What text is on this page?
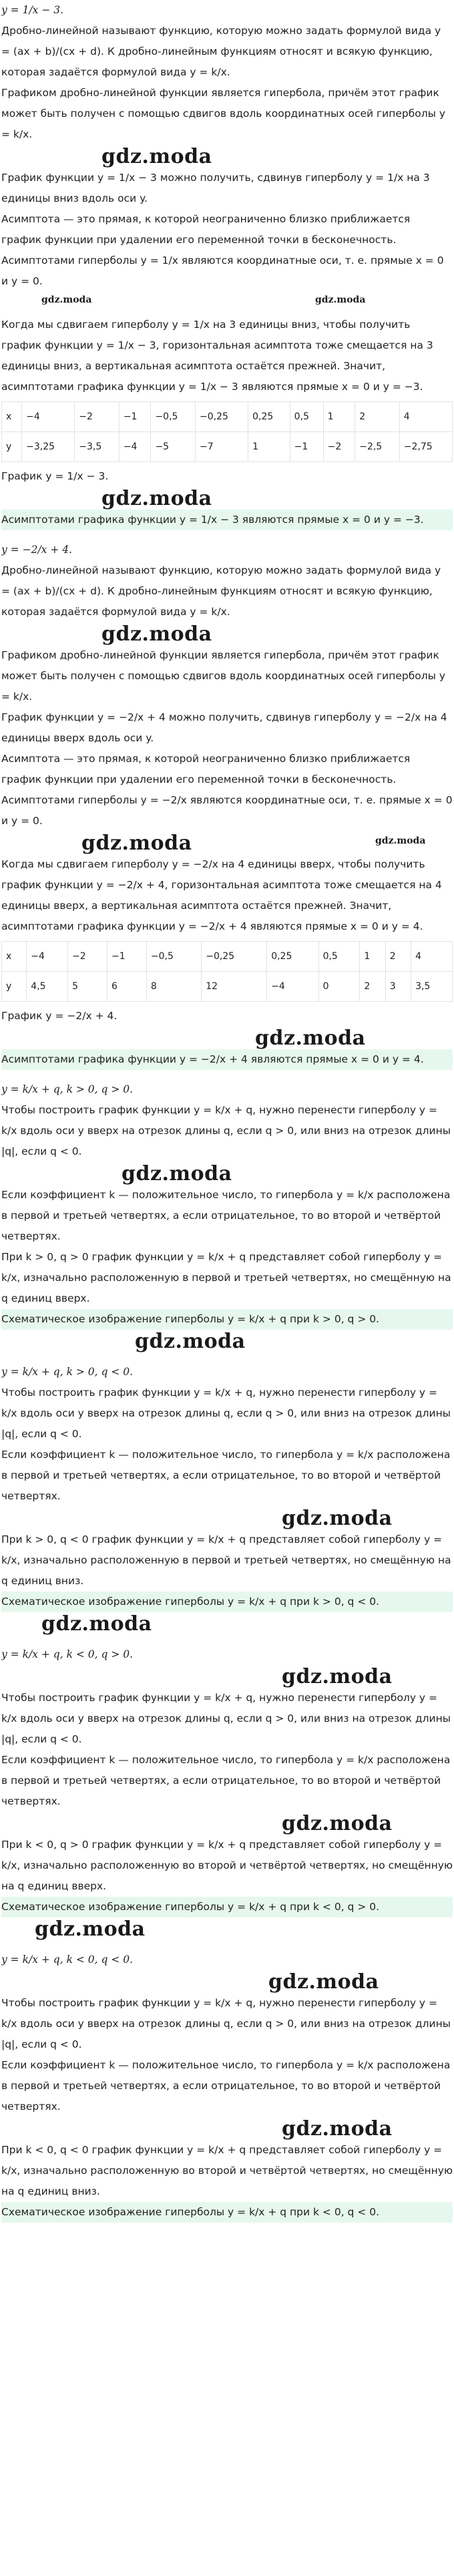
y = 1/x − 3.
Дробно-линейной называют функцию, которую можно задать формулой вида y = (ax + b)/(cx + d). К дробно-линейным функциям относят и всякую функцию, которая задаётся формулой вида y = k/x.
Графиком дробно-линейной функции является гипербола, причём этот график может быть получен с помощью сдвигов вдоль координатных осей гиперболы y = k/x.
gdz.moda
График функции y = 1/x − 3 можно получить, сдвинув гиперболу y = 1/x на 3 единицы вниз вдоль оси y.
Асимптота — это прямая, к которой неограниченно близко приближается график функции при удалении его переменной точки в бесконечность.
Асимптотами гиперболы y = 1/x являются координатные оси, т. е. прямые x = 0 и y = 0.
gdz.moda	gdz.moda
Когда мы сдвигаем гиперболу y = 1/x на 3 единицы вниз, чтобы получить график функции y = 1/x − 3, горизонтальная асимптота тоже смещается на 3 единицы вниз, а вертикальная асимптота остаётся прежней. Значит, асимптотами графика функции y = 1/x − 3 являются прямые x = 0 и y = −3.
x	−4	−2	−1	−0,5	−0,25	0,25	0,5	1	2	4
y	−3,25	−3,5	−4	−5	−7	1	−1	−2	−2,5	−2,75
График y = 1/x − 3.
gdz.moda
Асимптотами графика функции y = 1/x − 3 являются прямые x = 0 и y = −3.
y = −2/x + 4.
Дробно-линейной называют функцию, которую можно задать формулой вида y = (ax + b)/(cx + d). К дробно-линейным функциям относят и всякую функцию, которая задаётся формулой вида y = k/x.
gdz.moda
Графиком дробно-линейной функции является гипербола, причём этот график может быть получен с помощью сдвигов вдоль координатных осей гиперболы y = k/x.
График функции y = −2/x + 4 можно получить, сдвинув гиперболу y = −2/x на 4 единицы вверх вдоль оси y.
Асимптота — это прямая, к которой неограниченно близко приближается график функции при удалении его переменной точки в бесконечность.
Асимптотами гиперболы y = −2/x являются координатные оси, т. е. прямые x = 0 и y = 0.
gdz.moda	gdz.moda
Когда мы сдвигаем гиперболу y = −2/x на 4 единицы вверх, чтобы получить график функции y = −2/x + 4, горизонтальная асимптота тоже смещается на 4 единицы вверх, а вертикальная асимптота остаётся прежней. Значит, асимптотами графика функции y = −2/x + 4 являются прямые x = 0 и y = 4.
x	−4	−2	−1	−0,5	−0,25	0,25	0,5	1	2	4
y	4,5	5	6	8	12	−4	0	2	3	3,5
График y = −2/x + 4.
gdz.moda
Асимптотами графика функции y = −2/x + 4 являются прямые x = 0 и y = 4.
y = k/x + q, k > 0, q > 0.
Чтобы построить график функции y = k/x + q, нужно перенести гиперболу y = k/x вдоль оси y вверх на отрезок длины q, если q > 0, или вниз на отрезок длины |q|, если q < 0.
gdz.moda
Если коэффициент k — положительное число, то гипербола y = k/x расположена в первой и третьей четвертях, а если отрицательное, то во второй и четвёртой четвертях.
При k > 0, q > 0 график функции y = k/x + q представляет собой гиперболу y = k/x, изначально расположенную в первой и третьей четвертях, но смещённую на q единиц вверх.
Схематическое изображение гиперболы y = k/x + q при k > 0, q > 0.
gdz.moda
y = k/x + q, k > 0, q < 0.
Чтобы построить график функции y = k/x + q, нужно перенести гиперболу y = k/x вдоль оси y вверх на отрезок длины q, если q > 0, или вниз на отрезок длины |q|, если q < 0.
Если коэффициент k — положительное число, то гипербола y = k/x расположена в первой и третьей четвертях, а если отрицательное, то во второй и четвёртой четвертях.
gdz.moda
При k > 0, q < 0 график функции y = k/x + q представляет собой гиперболу y = k/x, изначально расположенную в первой и третьей четвертях, но смещённую на q единиц вниз.
Схематическое изображение гиперболы y = k/x + q при k > 0, q < 0.
gdz.moda
y = k/x + q, k < 0, q > 0.
gdz.moda
Чтобы построить график функции y = k/x + q, нужно перенести гиперболу y = k/x вдоль оси y вверх на отрезок длины q, если q > 0, или вниз на отрезок длины |q|, если q < 0.
Если коэффициент k — положительное число, то гипербола y = k/x расположена в первой и третьей четвертях, а если отрицательное, то во второй и четвёртой четвертях.
gdz.moda
При k < 0, q > 0 график функции y = k/x + q представляет собой гиперболу y = k/x, изначально расположенную во второй и четвёртой четвертях, но смещённую на q единиц вверх.
Схематическое изображение гиперболы y = k/x + q при k < 0, q > 0.
gdz.moda
y = k/x + q, k < 0, q < 0.
gdz.moda
Чтобы построить график функции y = k/x + q, нужно перенести гиперболу y = k/x вдоль оси y вверх на отрезок длины q, если q > 0, или вниз на отрезок длины |q|, если q < 0.
Если коэффициент k — положительное число, то гипербола y = k/x расположена в первой и третьей четвертях, а если отрицательное, то во второй и четвёртой четвертях.
gdz.moda
При k < 0, q < 0 график функции y = k/x + q представляет собой гиперболу y = k/x, изначально расположенную во второй и четвёртой четвертях, но смещённую на q единиц вниз.
Схематическое изображение гиперболы y = k/x + q при k < 0, q < 0.
